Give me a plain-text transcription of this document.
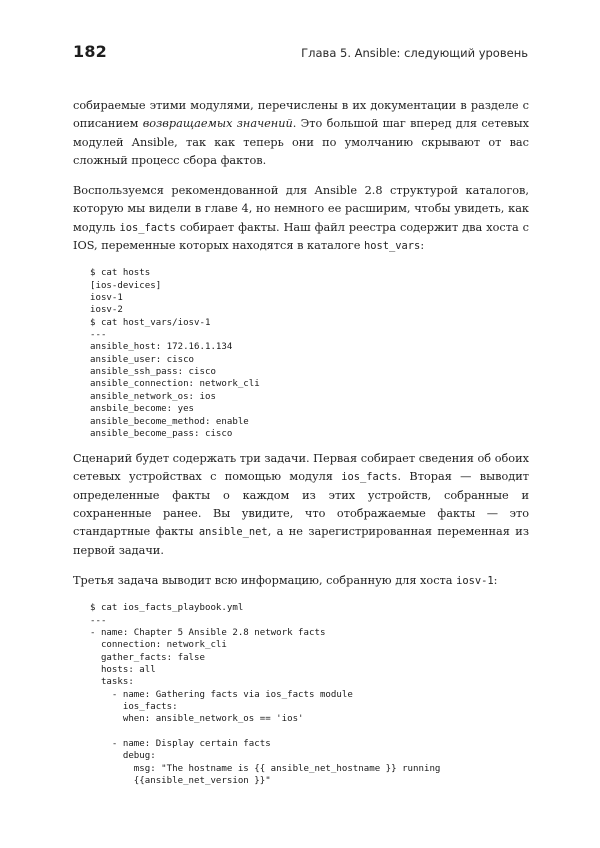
182	Глава 5. Ansible: следующий уровень

собираемые этими модулями, перечислены в их документации в разделе с описанием возвращаемых значений. Это большой шаг вперед для сетевых модулей Ansible, так как теперь они по умолчанию скрывают от вас сложный процесс сбора фактов.

Воспользуемся рекомендованной для Ansible 2.8 структурой каталогов, которую мы видели в главе 4, но немного ее расширим, чтобы увидеть, как модуль ios_facts собирает факты. Наш файл реестра содержит два хоста с IOS, переменные которых находятся в каталоге host_vars:

$ cat hosts
[ios-devices]
iosv-1
iosv-2
$ cat host_vars/iosv-1
---
ansible_host: 172.16.1.134
ansible_user: cisco
ansible_ssh_pass: cisco
ansible_connection: network_cli
ansible_network_os: ios
ansbile_become: yes
ansible_become_method: enable
ansible_become_pass: cisco

Сценарий будет содержать три задачи. Первая собирает сведения об обоих сетевых устройствах с помощью модуля ios_facts. Вторая — выводит определенные факты о каждом из этих устройств, собранные и сохраненные ранее. Вы увидите, что отображаемые факты — это стандартные факты ansible_net, а не зарегистрированная переменная из первой задачи.

Третья задача выводит всю информацию, собранную для хоста iosv-1:

$ cat ios_facts_playbook.yml
---
- name: Chapter 5 Ansible 2.8 network facts
connection: network_cli
gather_facts: false
hosts: all
tasks:
- name: Gathering facts via ios_facts module
ios_facts:
when: ansible_network_os == 'ios'
- name: Display certain facts
debug:
msg: "The hostname is {{ ansible_net_hostname }} running
{{ansible_net_version }}"
